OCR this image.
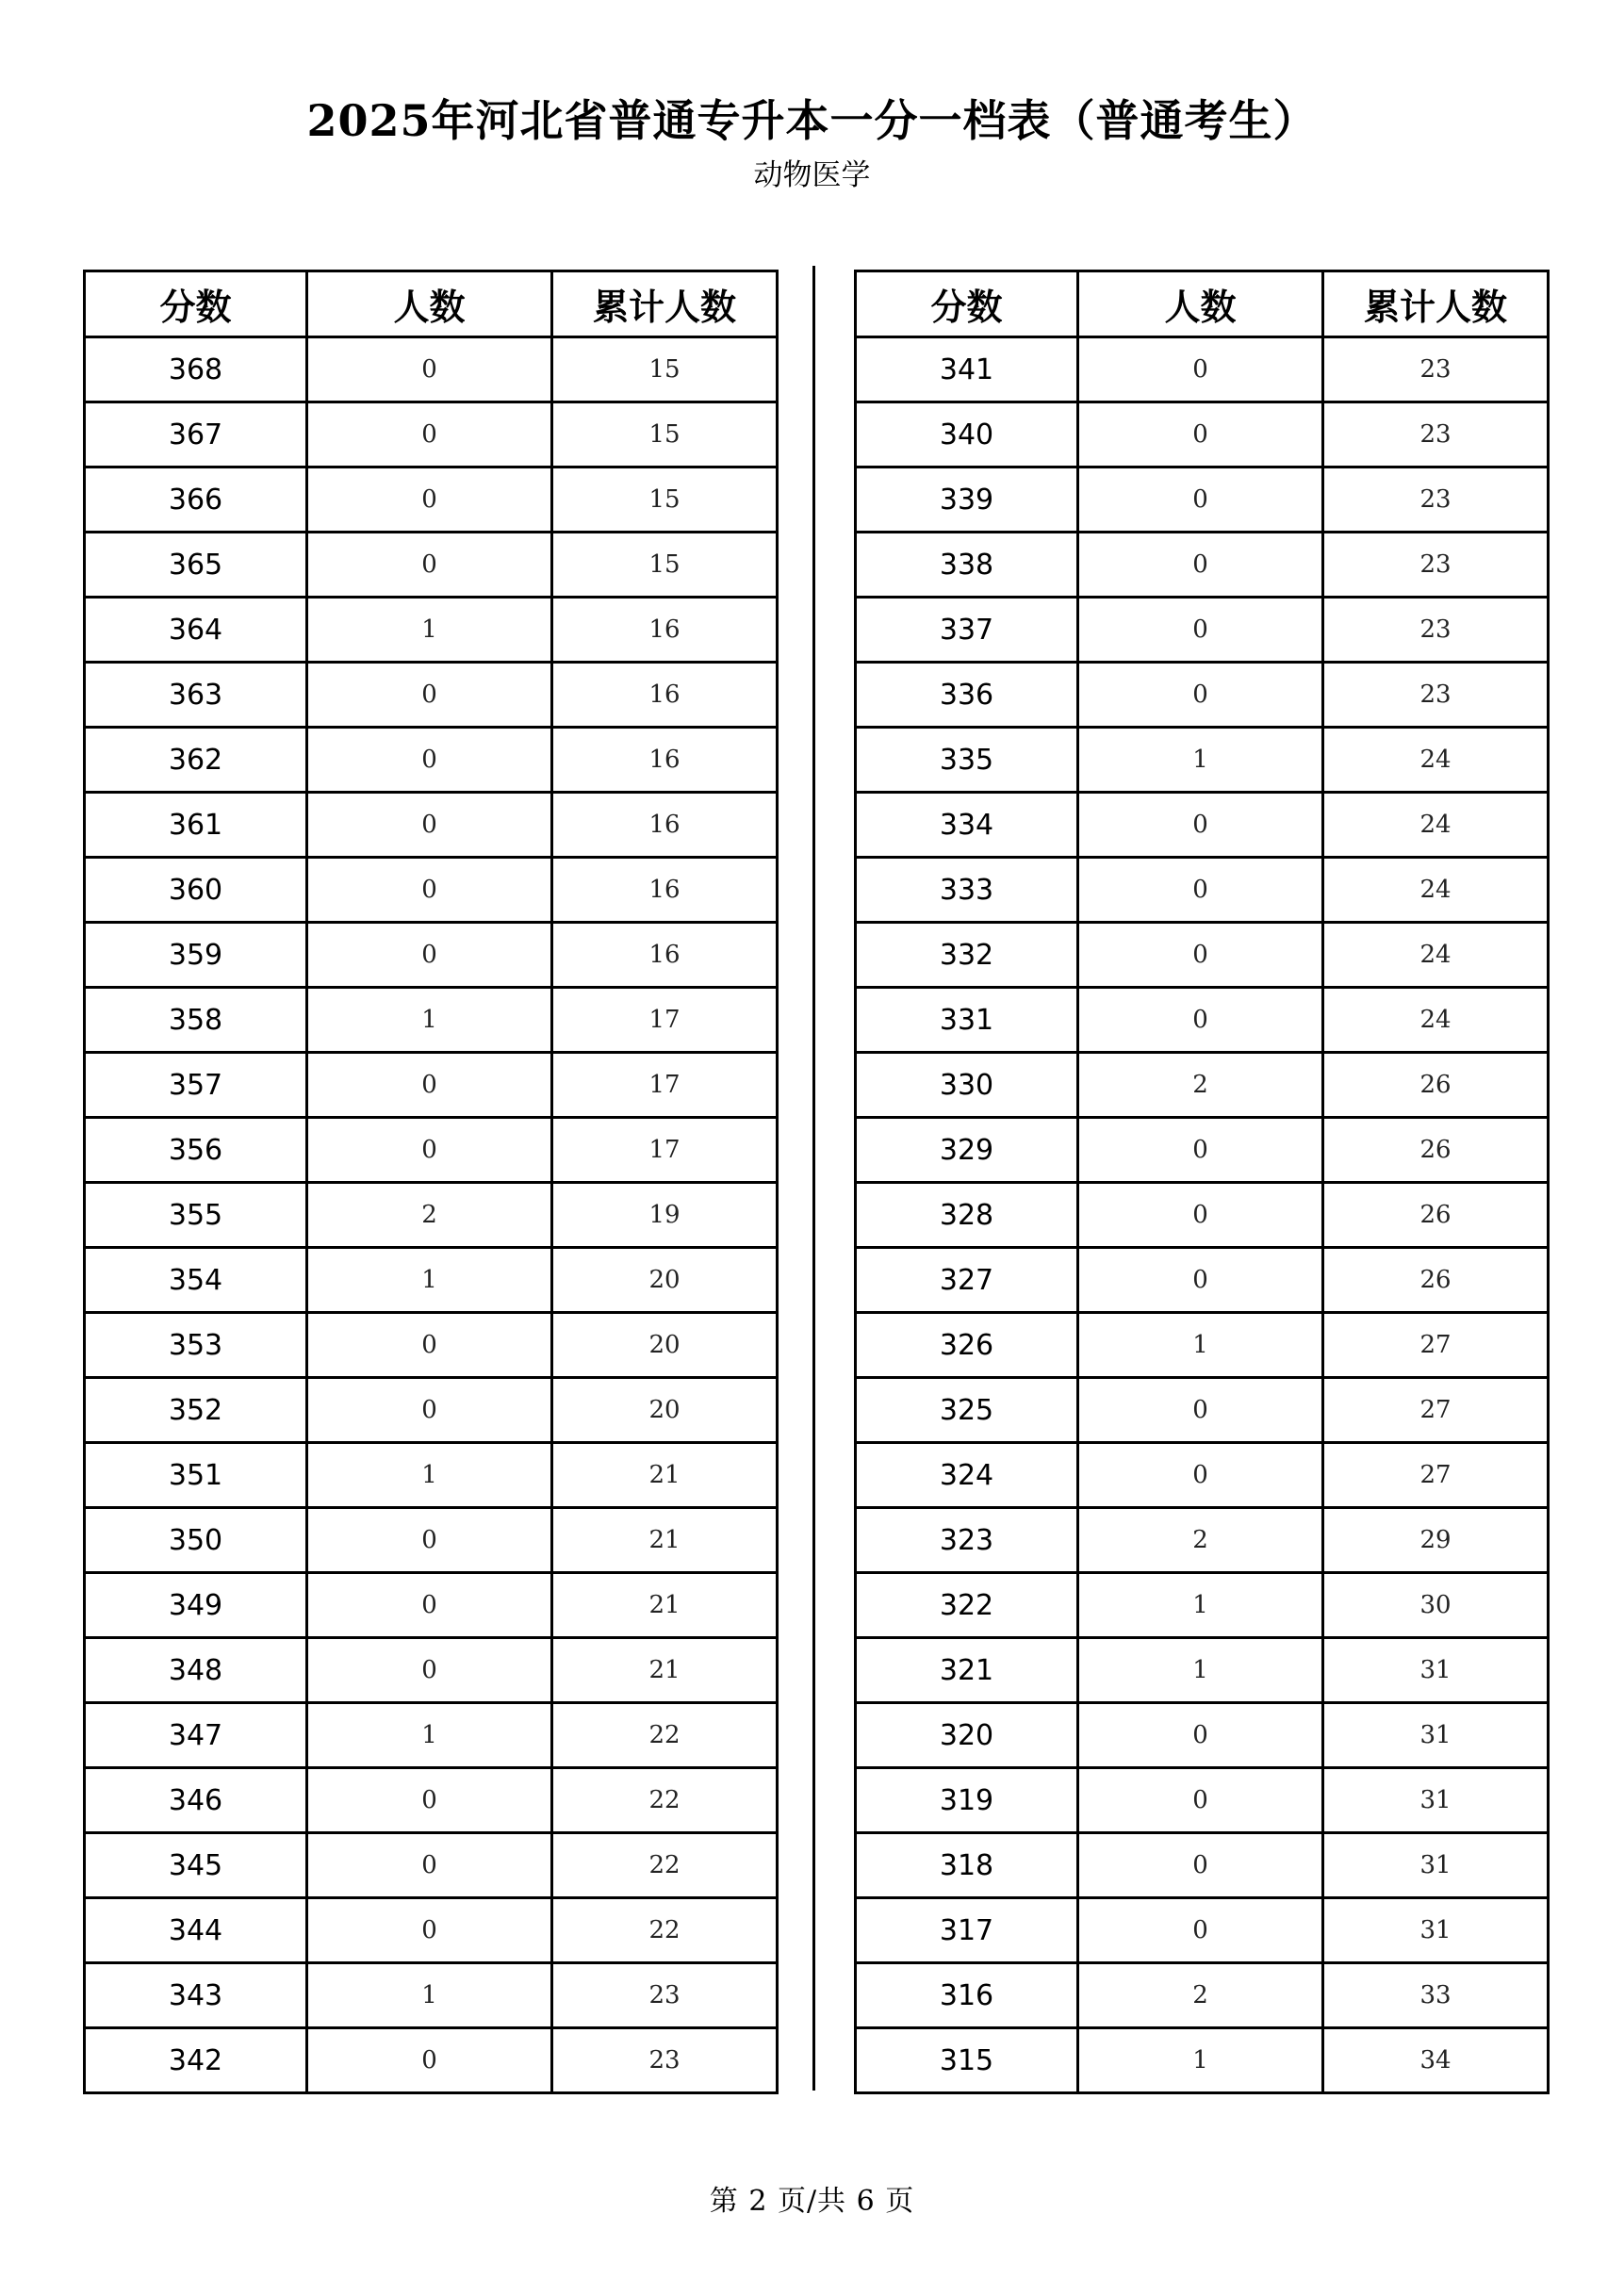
2025年河北省普通专升本一分一档表（普通考生）
动物医学
分数	人数	累计人数
368	0	15
367	0	15
366	0	15
365	0	15
364	1	16
363	0	16
362	0	16
361	0	16
360	0	16
359	0	16
358	1	17
357	0	17
356	0	17
355	2	19
354	1	20
353	0	20
352	0	20
351	1	21
350	0	21
349	0	21
348	0	21
347	1	22
346	0	22
345	0	22
344	0	22
343	1	23
342	0	23
分数	人数	累计人数
341	0	23
340	0	23
339	0	23
338	0	23
337	0	23
336	0	23
335	1	24
334	0	24
333	0	24
332	0	24
331	0	24
330	2	26
329	0	26
328	0	26
327	0	26
326	1	27
325	0	27
324	0	27
323	2	29
322	1	30
321	1	31
320	0	31
319	0	31
318	0	31
317	0	31
316	2	33
315	1	34
第 2 页/共 6 页
